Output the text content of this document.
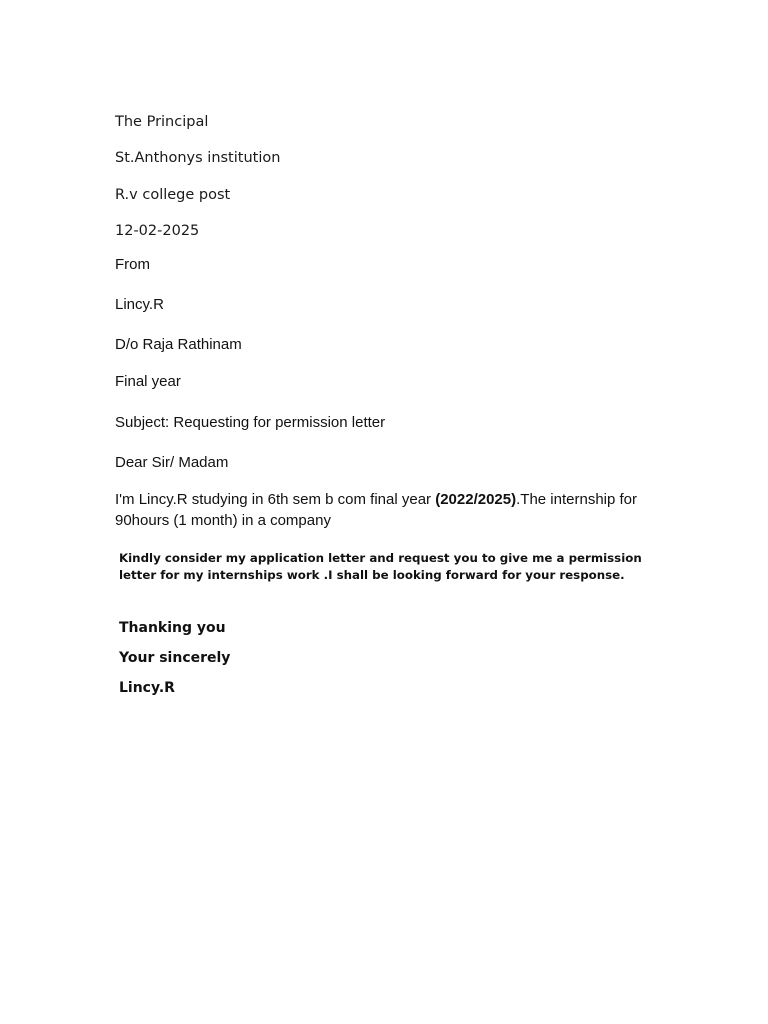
The Principal
St.Anthonys institution
R.v college post
12-02-2025
From
Lincy.R
D/o Raja Rathinam
Final year
Subject: Requesting for permission letter
Dear Sir/ Madam
I'm Lincy.R studying in 6th sem b com final year (2022/2025).The internship for
90hours (1 month) in a company
Kindly consider my application letter and request you to give me a permission
letter for my internships work .I shall be looking forward for your response.
Thanking you
Your sincerely
Lincy.R
